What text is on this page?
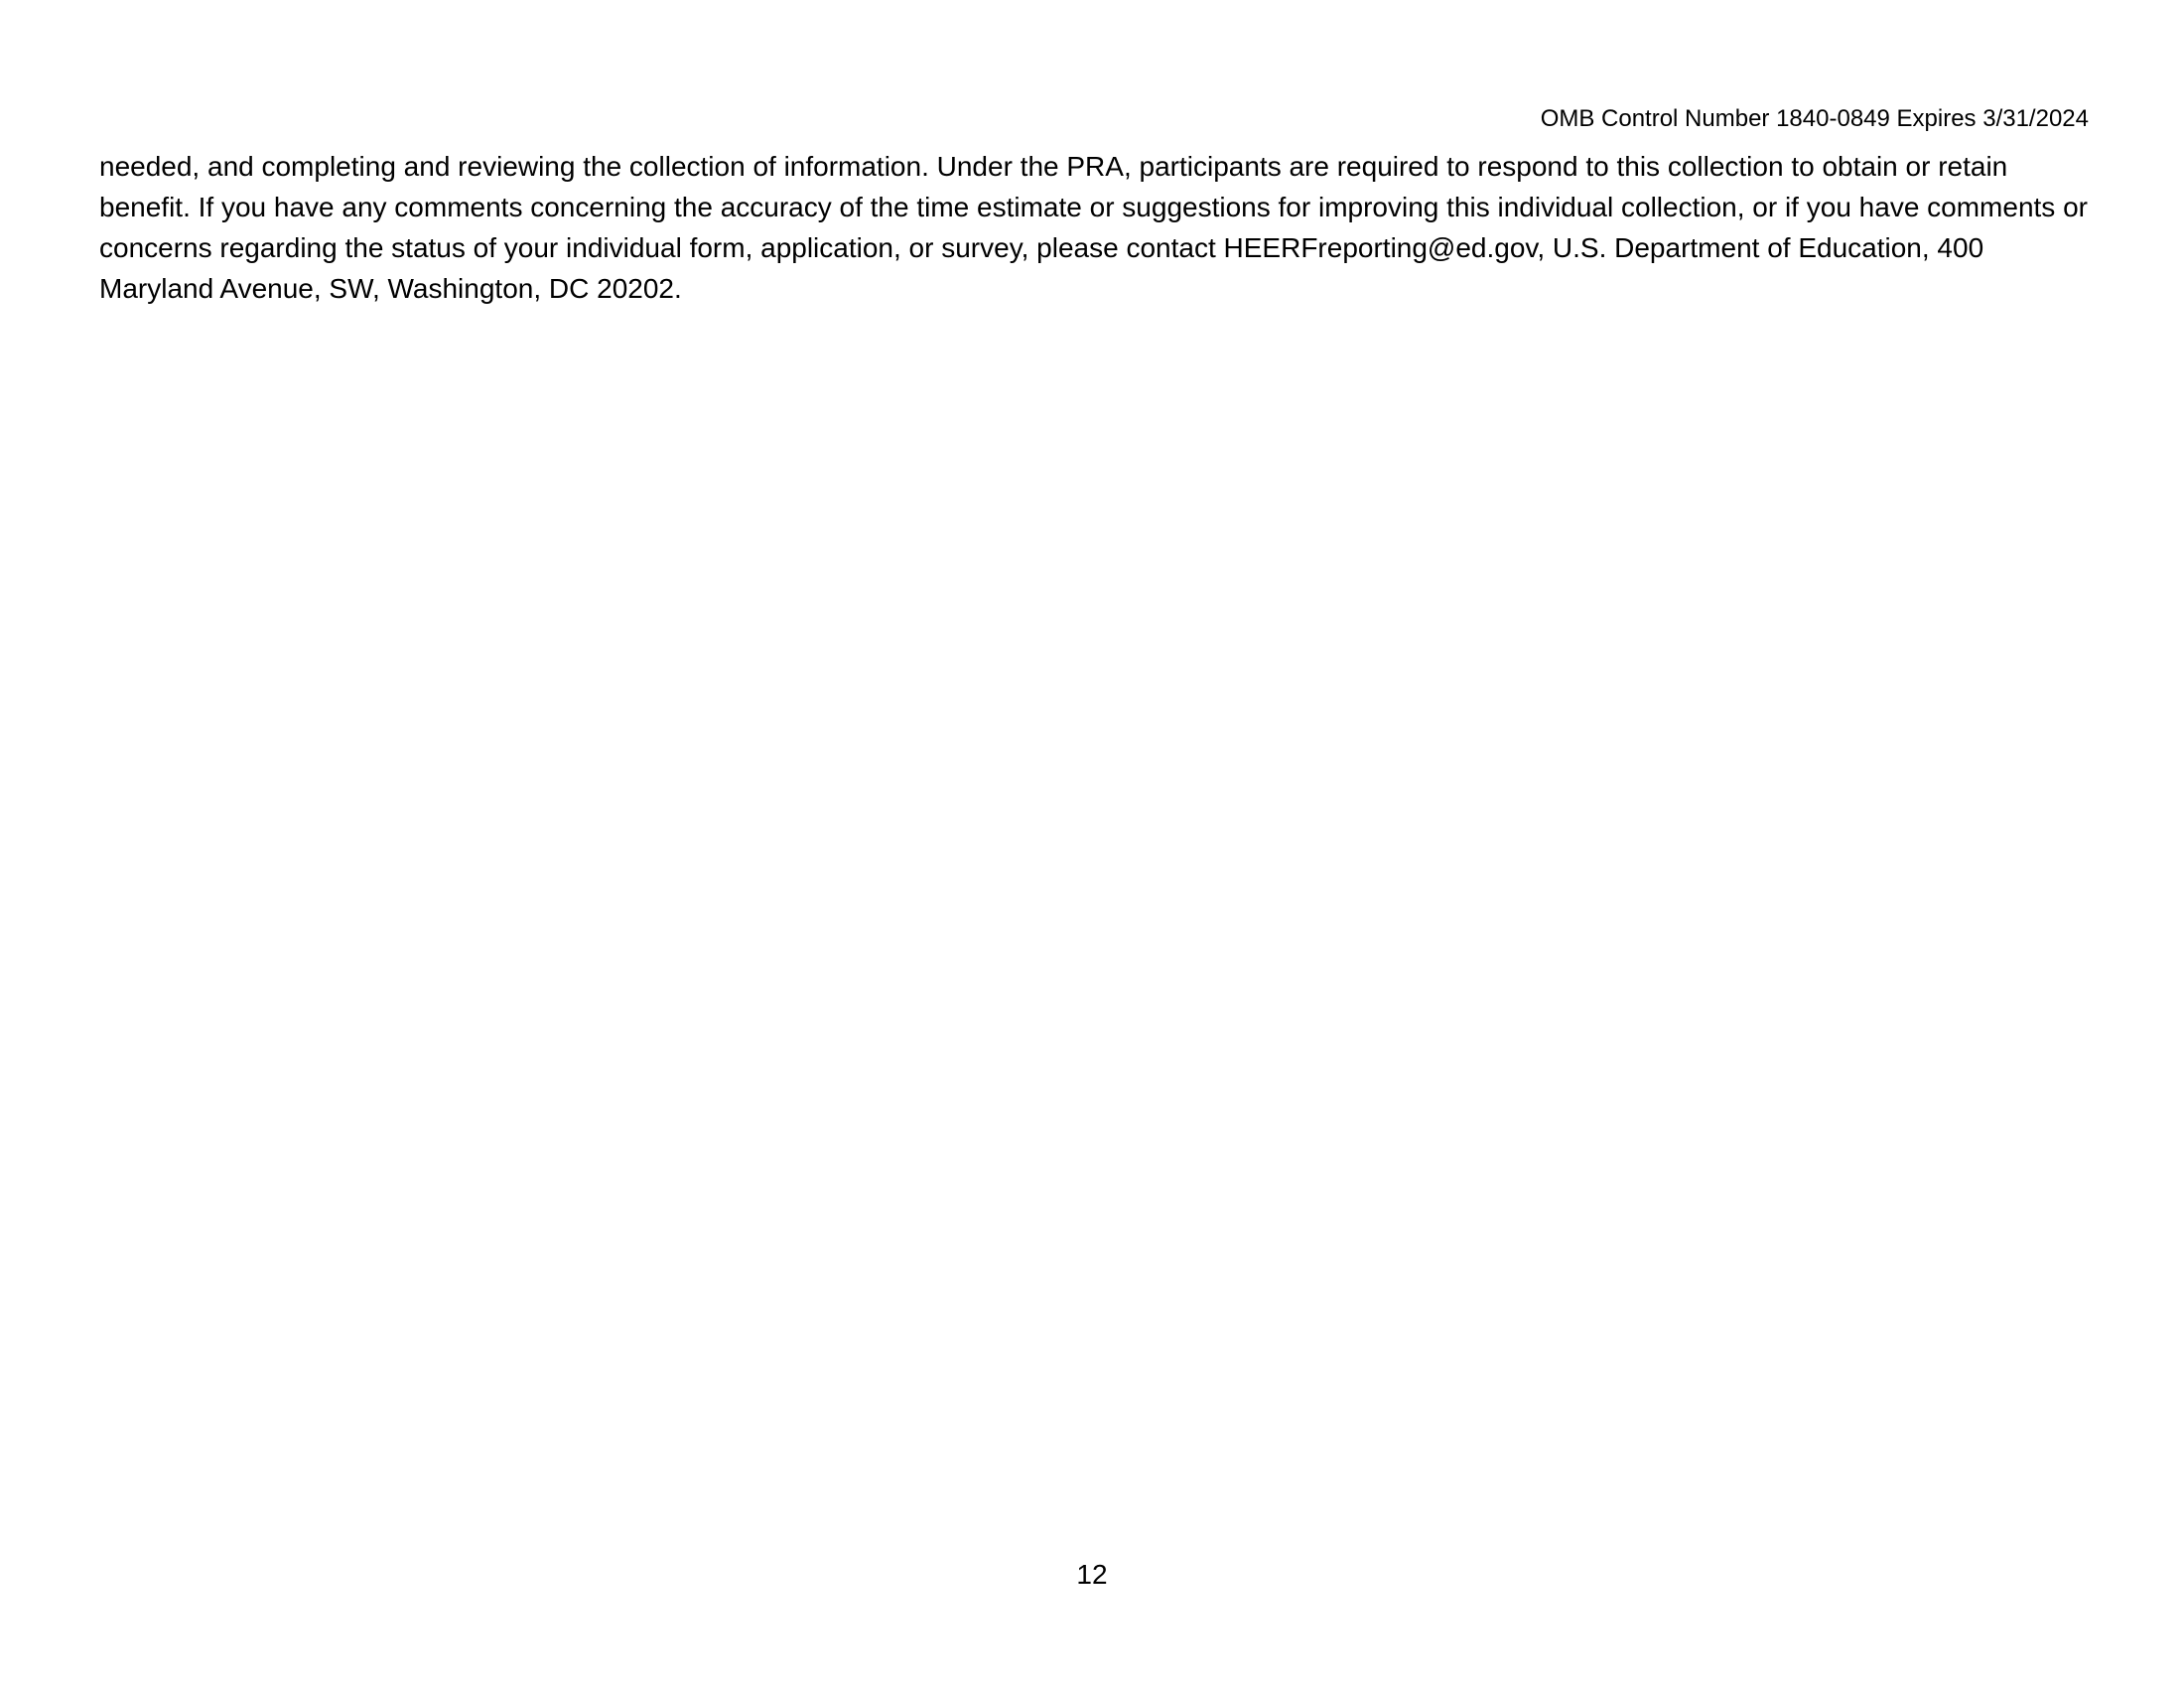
OMB Control Number 1840-0849 Expires 3/31/2024

needed, and completing and reviewing the collection of information. Under the PRA, participants are required to respond to this collection to obtain or retain benefit. If you have any comments concerning the accuracy of the time estimate or suggestions for improving this individual collection, or if you have comments or concerns regarding the status of your individual form, application, or survey, please contact HEERFreporting@ed.gov, U.S. Department of Education, 400 Maryland Avenue, SW, Washington, DC 20202.

12
